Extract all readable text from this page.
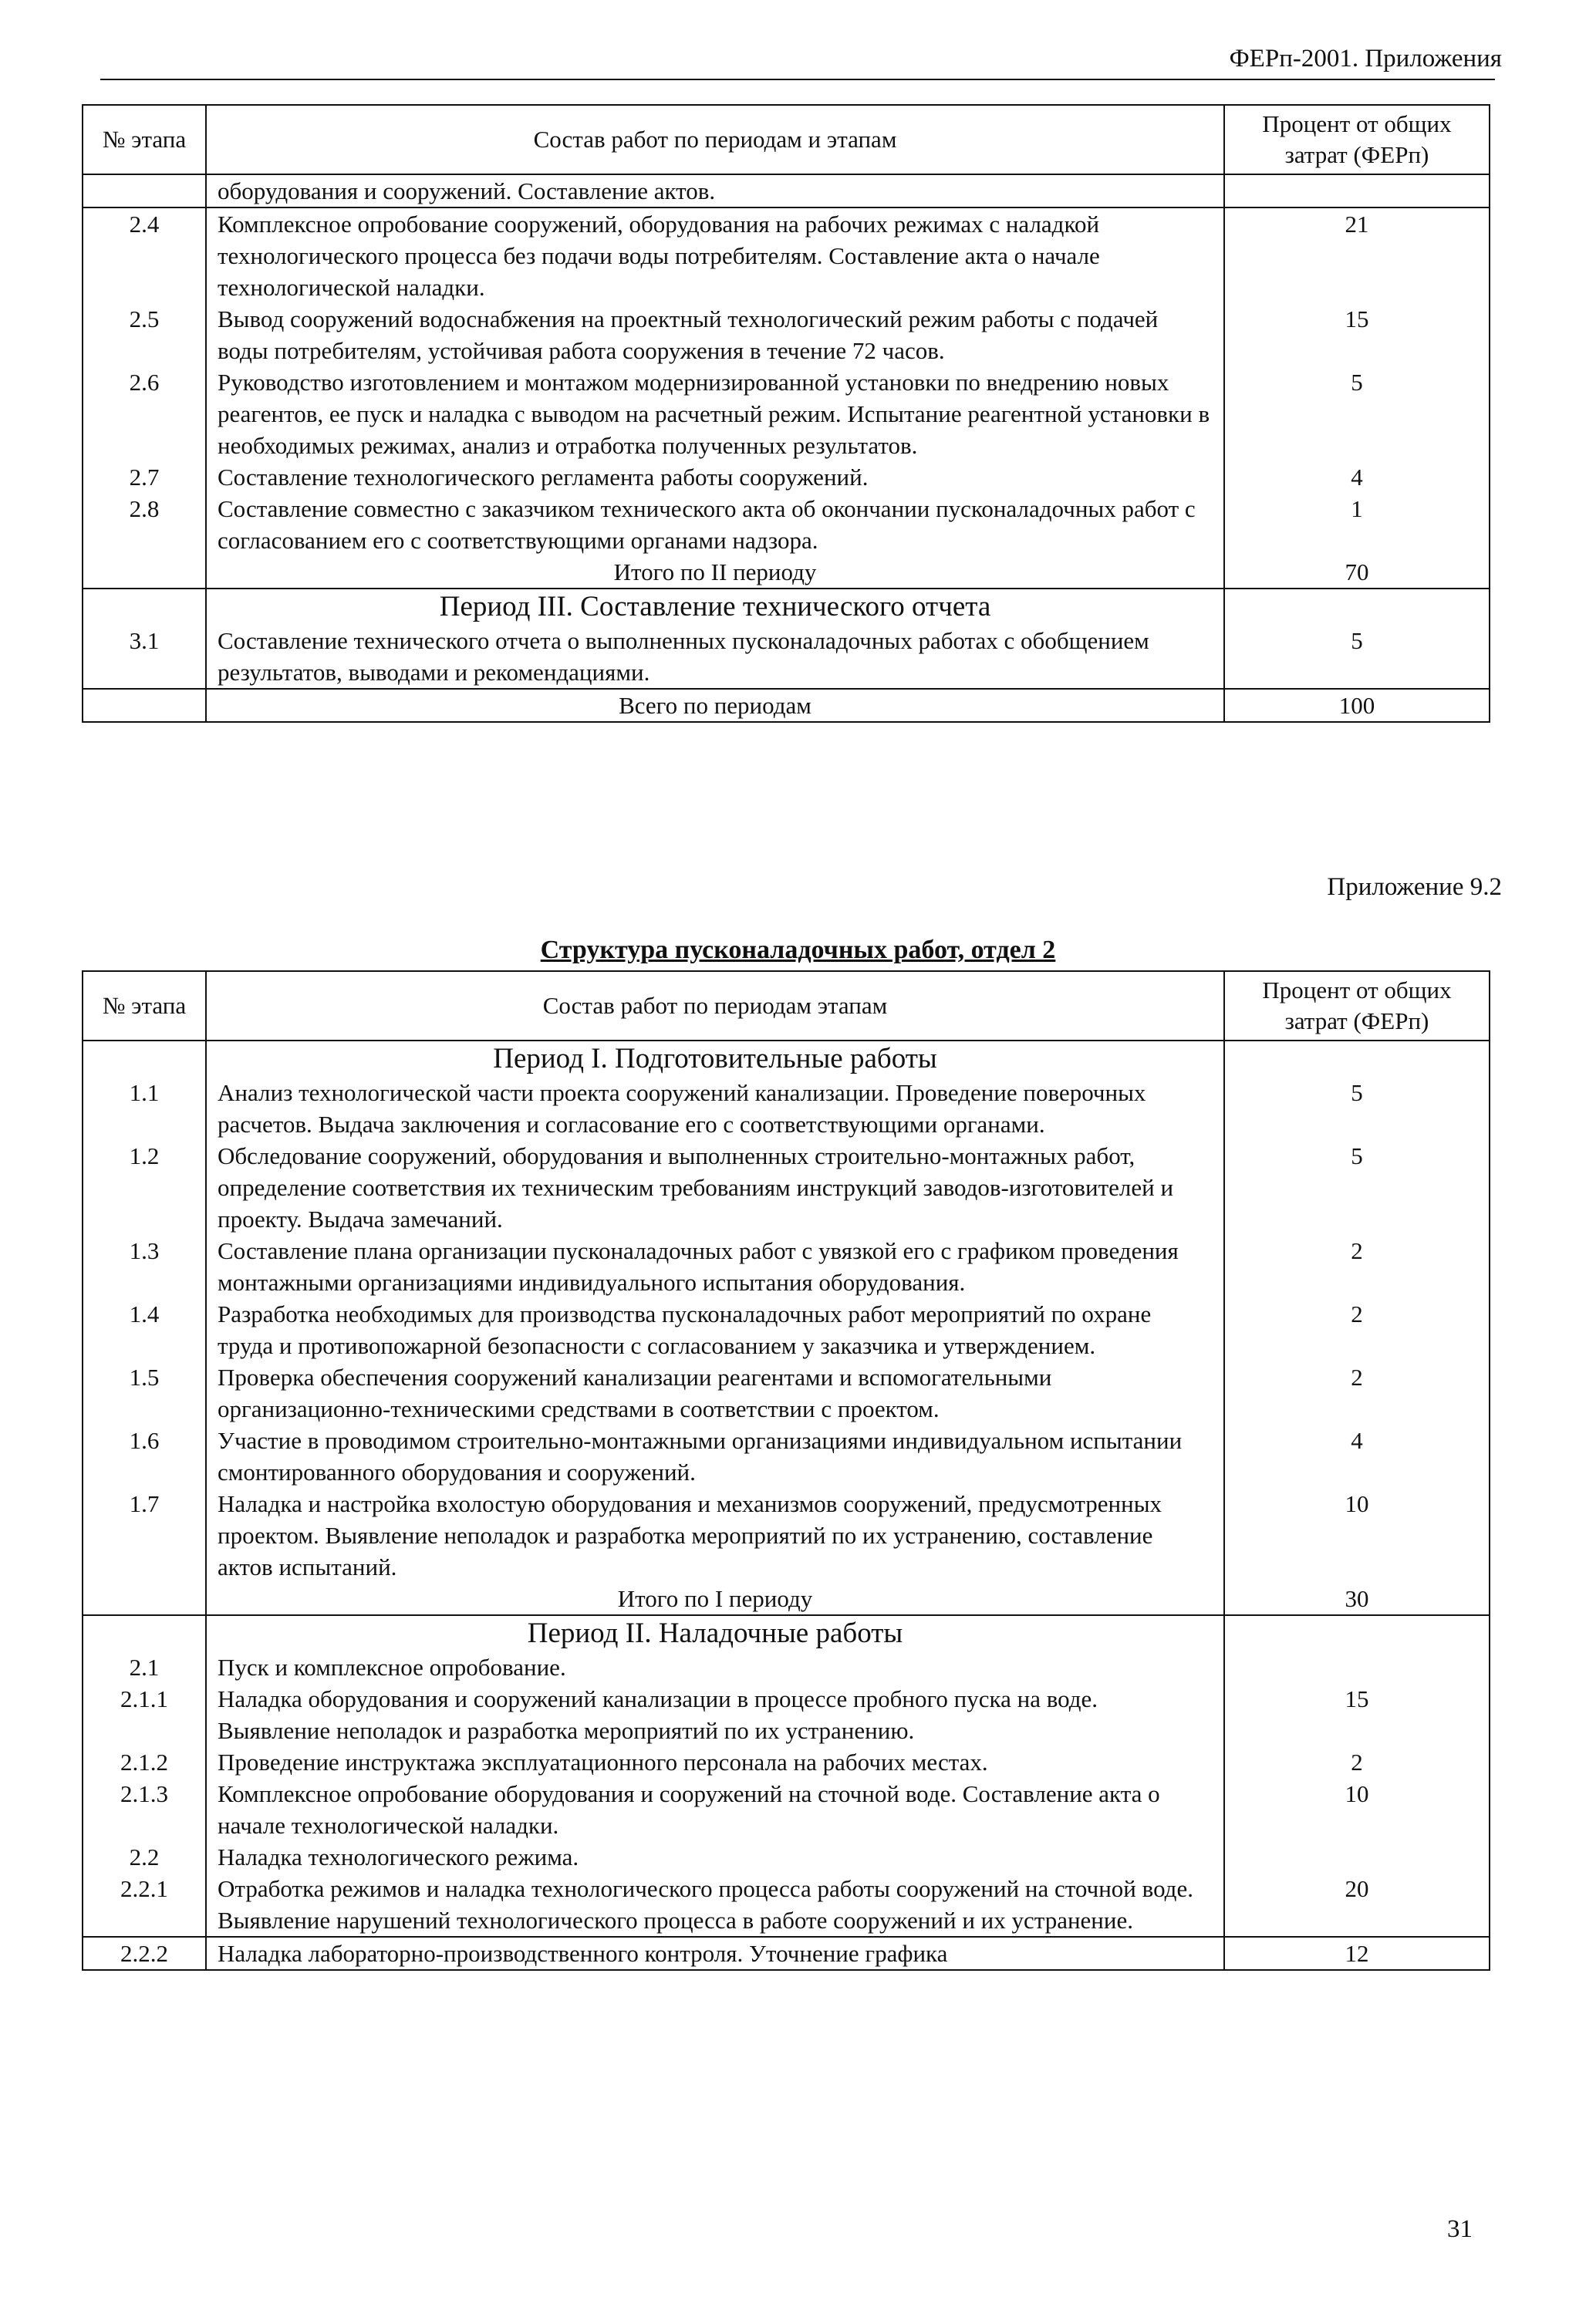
ФЕРп-2001. Приложения
№ этапа	Состав работ по периодам и этапам	Процент от общих затрат (ФЕРп)
	оборудования и сооружений. Составление актов.	
2.4	Комплексное опробование сооружений, оборудования на рабочих режимах с наладкой технологического процесса без подачи воды потребителям. Составление акта о начале технологической наладки.	21
2.5	Вывод сооружений водоснабжения на проектный технологический режим работы с подачей воды потребителям, устойчивая работа сооружения в течение 72 часов.	15
2.6	Руководство изготовлением и монтажом модернизированной установки по внедрению новых реагентов, ее пуск и наладка с выводом на расчетный режим. Испытание реагентной установки в необходимых режимах, анализ и отработка полученных результатов.	5
2.7	Составление технологического регламента работы сооружений.	4
2.8	Составление совместно с заказчиком технического акта об окончании пусконаладочных работ с согласованием его с соответствующими органами надзора.	1
	Итого по II периоду	70
	Период III. Составление технического отчета	
3.1	Составление технического отчета о выполненных пусконаладочных работах с обобщением результатов, выводами и рекомендациями.	5
	Всего по периодам	100
Приложение 9.2
Структура пусконаладочных работ, отдел 2
№ этапа	Состав работ по периодам этапам	Процент от общих затрат (ФЕРп)
	Период I. Подготовительные работы	
1.1	Анализ технологической части проекта сооружений канализации. Проведение поверочных расчетов. Выдача заключения и согласование его с соответствующими органами.	5
1.2	Обследование сооружений, оборудования и выполненных строительно-монтажных работ, определение соответствия их техническим требованиям инструкций заводов-изготовителей и проекту. Выдача замечаний.	5
1.3	Составление плана организации пусконаладочных работ с увязкой его с графиком проведения монтажными организациями индивидуального испытания оборудования.	2
1.4	Разработка необходимых для производства пусконаладочных работ мероприятий по охране труда и противопожарной безопасности с согласованием у заказчика и утверждением.	2
1.5	Проверка обеспечения сооружений канализации реагентами и вспомогательными организационно-техническими средствами в соответствии с проектом.	2
1.6	Участие в проводимом строительно-монтажными организациями индивидуальном испытании смонтированного оборудования и сооружений.	4
1.7	Наладка и настройка вхолостую оборудования и механизмов сооружений, предусмотренных проектом. Выявление неполадок и разработка мероприятий по их устранению, составление актов испытаний.	10
	Итого по I периоду	30
	Период II. Наладочные работы	
2.1	Пуск и комплексное опробование.	
2.1.1	Наладка оборудования и сооружений канализации в процессе пробного пуска на воде. Выявление неполадок и разработка мероприятий по их устранению.	15
2.1.2	Проведение инструктажа эксплуатационного персонала на рабочих местах.	2
2.1.3	Комплексное опробование оборудования и сооружений на сточной воде. Составление акта о начале технологической наладки.	10
2.2	Наладка технологического режима.	
2.2.1	Отработка режимов и наладка технологического процесса работы сооружений на сточной воде. Выявление нарушений технологического процесса в работе сооружений и их устранение.	20
2.2.2	Наладка лабораторно-производственного контроля. Уточнение графика	12
31
